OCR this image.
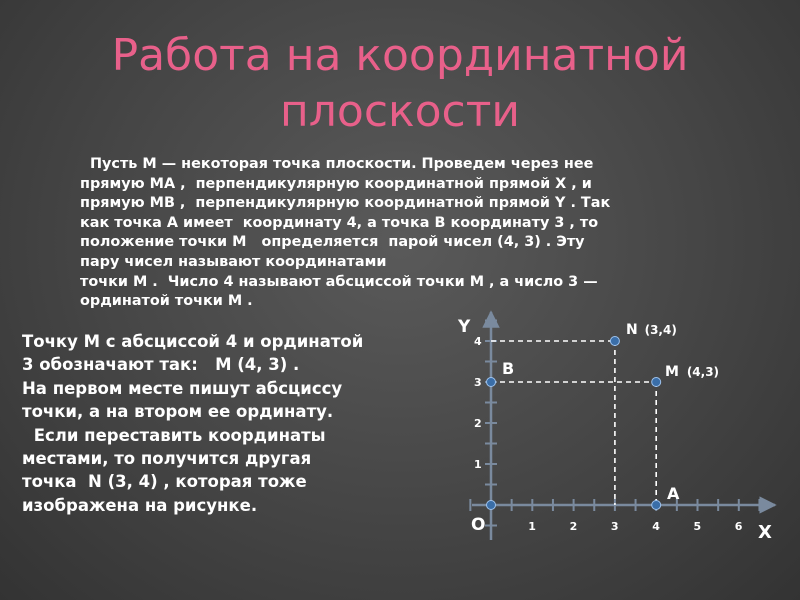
Работа на координатной
плоскости
Пусть M — некоторая точка плоскости. Проведем через нее
прямую MA ,  перпендикулярную координатной прямой X , и
прямую MB ,  перпендикулярную координатной прямой Y . Так
как точка А имеет  координату 4, а точка В координату 3 , то
положение точки М   определяется  парой чисел (4, 3) . Эту
пару чисел называют координатами
точки М .  Число 4 называют абсциссой точки М , а число 3 —
ординатой точки М .
Точку М с абсциссой 4 и ординатой
3 обозначают так:   M (4, 3) .
На первом месте пишут абсциссу
точки, а на втором ее ординату.
Если переставить координаты
местами, то получится другая
точка  N (3, 4) , которая тоже
изображена на рисунке.
1	2	3	4	5	6
1
2
3
4
X
Y
O
M (4,3)
N (3,4)
A
B
